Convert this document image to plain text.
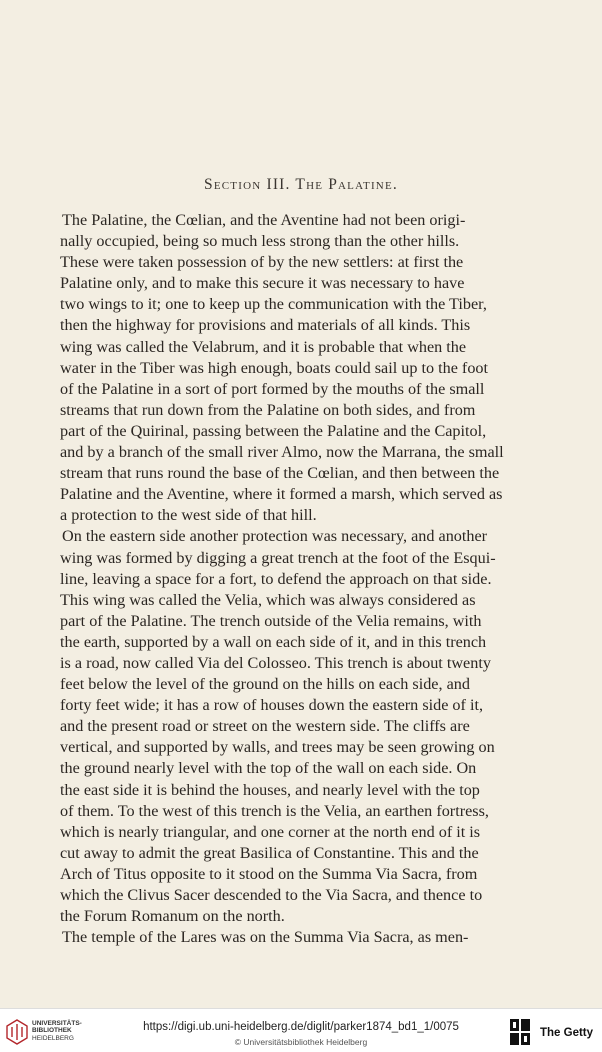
Section III. The Palatine.

The Palatine, the Cœlian, and the Aventine had not been origi-
nally occupied, being so much less strong than the other hills.
These were taken possession of by the new settlers: at first the
Palatine only, and to make this secure it was necessary to have
two wings to it; one to keep up the communication with the Tiber,
then the highway for provisions and materials of all kinds. This
wing was called the Velabrum, and it is probable that when the
water in the Tiber was high enough, boats could sail up to the foot
of the Palatine in a sort of port formed by the mouths of the small
streams that run down from the Palatine on both sides, and from
part of the Quirinal, passing between the Palatine and the Capitol,
and by a branch of the small river Almo, now the Marrana, the small
stream that runs round the base of the Cœlian, and then between the
Palatine and the Aventine, where it formed a marsh, which served as
a protection to the west side of that hill.

On the eastern side another protection was necessary, and another
wing was formed by digging a great trench at the foot of the Esqui-
line, leaving a space for a fort, to defend the approach on that side.
This wing was called the Velia, which was always considered as
part of the Palatine. The trench outside of the Velia remains, with
the earth, supported by a wall on each side of it, and in this trench
is a road, now called Via del Colosseo. This trench is about twenty
feet below the level of the ground on the hills on each side, and
forty feet wide; it has a row of houses down the eastern side of it,
and the present road or street on the western side. The cliffs are
vertical, and supported by walls, and trees may be seen growing on
the ground nearly level with the top of the wall on each side. On
the east side it is behind the houses, and nearly level with the top
of them. To the west of this trench is the Velia, an earthen fortress,
which is nearly triangular, and one corner at the north end of it is
cut away to admit the great Basilica of Constantine. This and the
Arch of Titus opposite to it stood on the Summa Via Sacra, from
which the Clivus Sacer descended to the Via Sacra, and thence to
the Forum Romanum on the north.

The temple of the Lares was on the Summa Via Sacra, as men-

UNIVERSITÄTS-
BIBLIOTHEK
HEIDELBERG
https://digi.ub.uni-heidelberg.de/diglit/parker1874_bd1_1/0075
© Universitätsbibliothek Heidelberg
The Getty
